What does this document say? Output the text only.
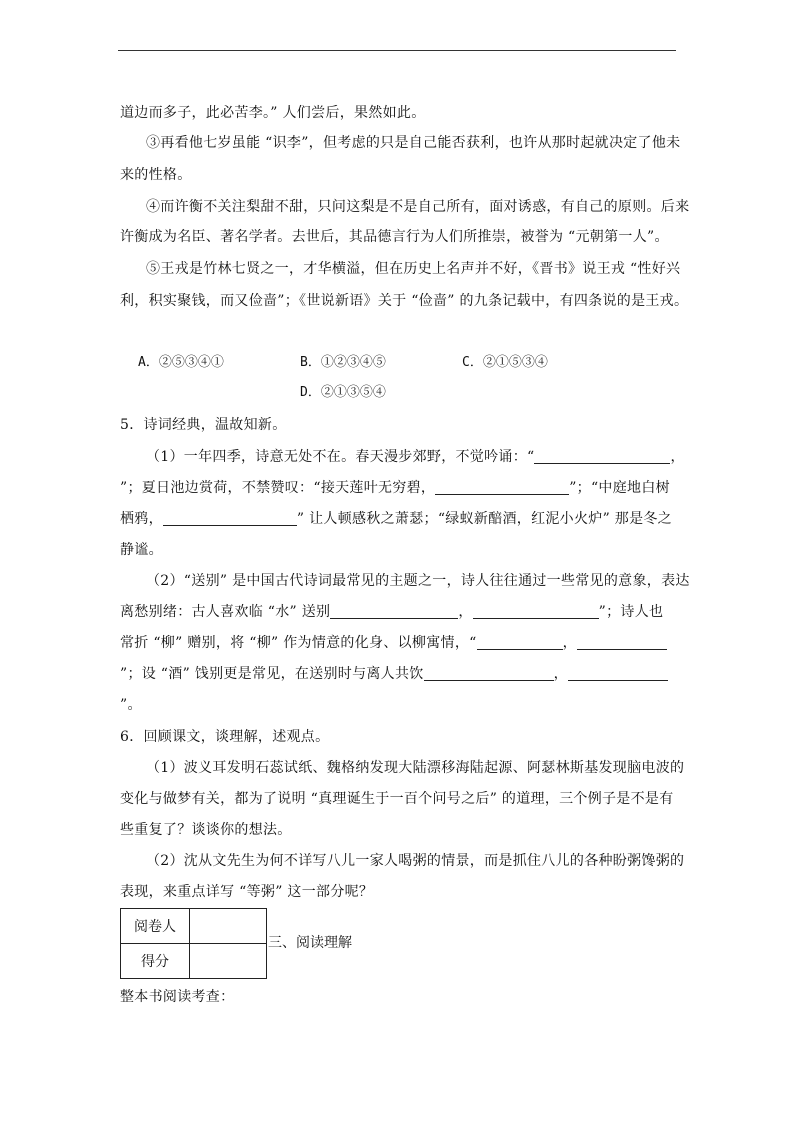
道边而多子，此必苦李。” 人们尝后，果然如此。
③再看他七岁虽能 “识李”，但考虑的只是自己能否获利，也许从那时起就决定了他未
来的性格。
④而许衡不关注梨甜不甜，只问这梨是不是自己所有，面对诱惑，有自己的原则。后来
许衡成为名臣、著名学者。去世后，其品德言行为人们所推崇，被誉为 “元朝第一人”。
⑤王戎是竹林七贤之一，才华横溢，但在历史上名声并不好，《晋书》说王戎 “性好兴
利，积实聚钱，而又俭啬”；《世说新语》关于 “俭啬” 的九条记载中，有四条说的是王戎。
A．②⑤③④①	B．①②③④⑤	C．②①⑤③④
D．②①③⑤④
5．诗词经典，温故知新。
（1）一年四季，诗意无处不在。春天漫步郊野，不觉吟诵：“	，
”；夏日池边赏荷，不禁赞叹：“接天莲叶无穷碧，	”；“中庭地白树
栖鸦，	” 让人顿感秋之萧瑟；“绿蚁新醅酒，红泥小火炉” 那是冬之
静谧。
（2）“送别” 是中国古代诗词最常见的主题之一，诗人往往通过一些常见的意象，表达
离愁别绪：古人喜欢临 “水” 送别	，	”；诗人也
常折 “柳” 赠别，将 “柳” 作为情意的化身、以柳寓情，“	，
”；设 “酒” 饯别更是常见，在送别时与离人共饮	，
”。
6．回顾课文，谈理解，述观点。
（1）波义耳发明石蕊试纸、魏格纳发现大陆漂移海陆起源、阿瑟林斯基发现脑电波的
变化与做梦有关，都为了说明 “真理诞生于一百个问号之后” 的道理，三个例子是不是有
些重复了？谈谈你的想法。
（2）沈从文先生为何不详写八儿一家人喝粥的情景，而是抓住八儿的各种盼粥馋粥的
表现，来重点详写 “等粥” 这一部分呢？
阅卷人	
得分	
三、阅读理解
整本书阅读考查：
